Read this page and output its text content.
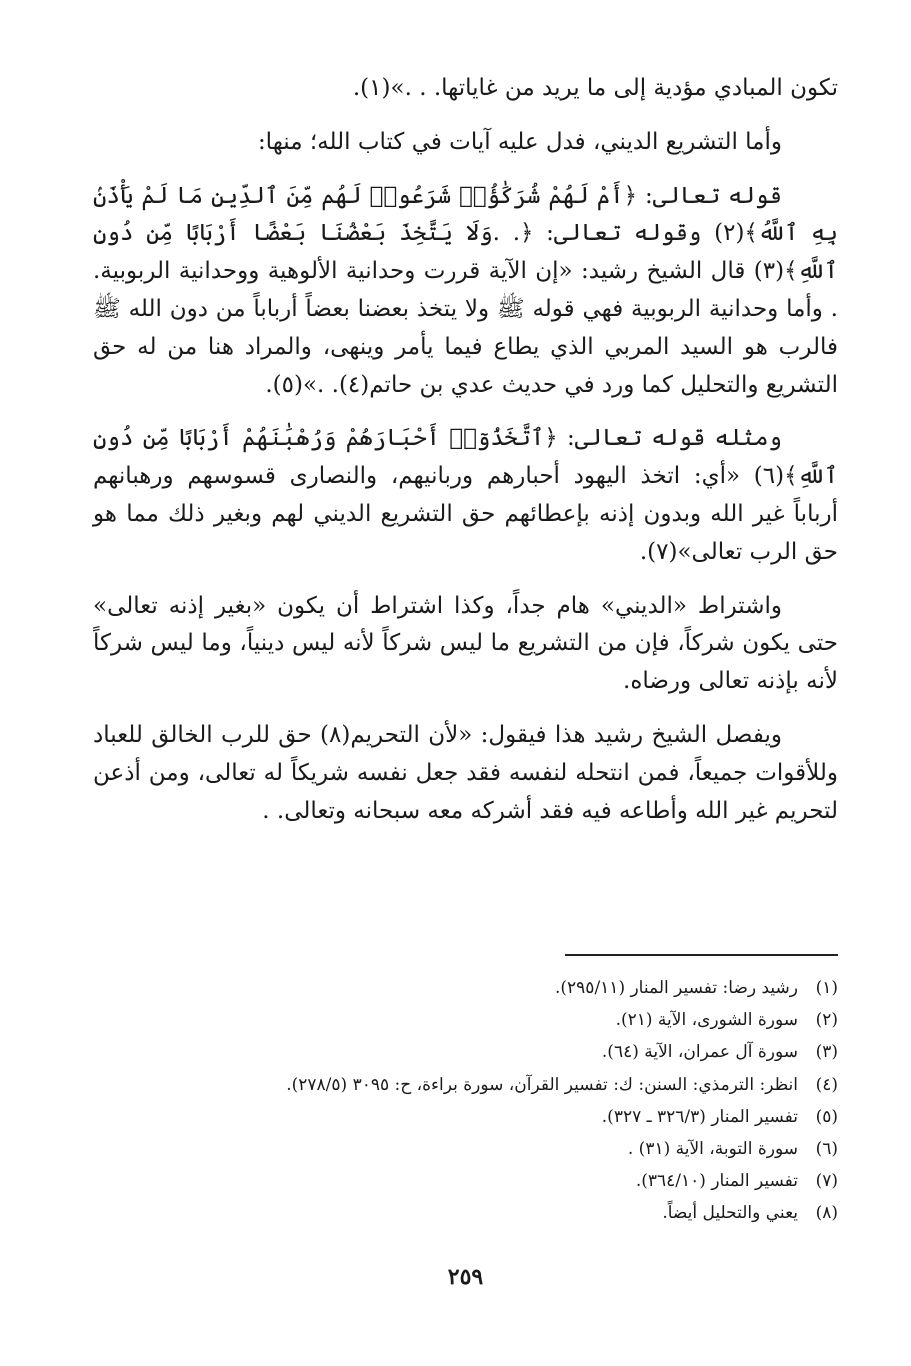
تكون المبادي مؤدية إلى ما يريد من غاياتها. . .»(١).

وأما التشريع الديني، فدل عليه آيات في كتاب الله؛ منها:

قوله تعالى: ﴿أَمْ لَهُمْ شُرَكَٰؤُا۟ شَرَعُوا۟ لَهُم مِّنَ ٱلدِّينِ مَا لَمْ يَأْذَنۢ بِهِ ٱللَّهُ﴾(٢) وقوله تعالى: ﴿. .وَلَا يَتَّخِذَ بَعْضُنَا بَعْضًا أَرْبَابًا مِّن دُونِ ٱللَّهِ﴾(٣) قال الشيخ رشيد: «إن الآية قررت وحدانية الألوهية ووحدانية الربوبية. . وأما وحدانية الربوبية فهي قوله ﷺ ولا يتخذ بعضنا بعضاً أرباباً من دون الله ﷺ فالرب هو السيد المربي الذي يطاع فيما يأمر وينهى، والمراد هنا من له حق التشريع والتحليل كما ورد في حديث عدي بن حاتم(٤). .»(٥).

ومثله قوله تعالى: ﴿ٱتَّخَذُوٓا۟ أَحْبَارَهُمْ وَرُهْبَٰنَهُمْ أَرْبَابًا مِّن دُونِ ٱللَّهِ﴾(٦) «أي: اتخذ اليهود أحبارهم وربانيهم، والنصارى قسوسهم ورهبانهم أرباباً غير الله وبدون إذنه بإعطائهم حق التشريع الديني لهم وبغير ذلك مما هو حق الرب تعالى»(٧).

واشتراط «الديني» هام جداً، وكذا اشتراط أن يكون «بغير إذنه تعالى» حتى يكون شركاً، فإن من التشريع ما ليس شركاً لأنه ليس دينياً، وما ليس شركاً لأنه بإذنه تعالى ورضاه.

ويفصل الشيخ رشيد هذا فيقول: «لأن التحريم(٨) حق للرب الخالق للعباد وللأقوات جميعاً، فمن انتحله لنفسه فقد جعل نفسه شريكاً له تعالى، ومن أذعن لتحريم غير الله وأطاعه فيه فقد أشركه معه سبحانه وتعالى. .

(١)رشيد رضا: تفسير المنار (٢٩٥/١١).
(٢)سورة الشورى، الآية (٢١).
(٣)سورة آل عمران، الآية (٦٤).
(٤)انظر: الترمذي: السنن: ك: تفسير القرآن، سورة براءة، ح: ٣٠٩٥ (٢٧٨/٥).
(٥)تفسير المنار (٣٢٦/٣ ـ ٣٢٧).
(٦)سورة التوبة، الآية (٣١) .
(٧)تفسير المنار (٣٦٤/١٠).
(٨)يعني والتحليل أيضاً.
٢٥٩
